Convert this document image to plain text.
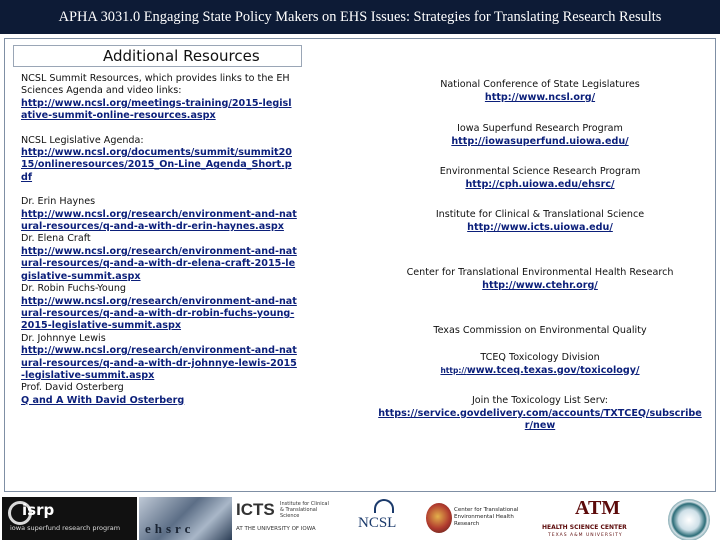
APHA 3031.0 Engaging State Policy Makers on EHS Issues: Strategies for Translating Research Results
Additional Resources

NCSL Summit Resources, which provides links to the EH Sciences Agenda and video links:

http://www.ncsl.org/meetings-training/2015-legislative-summit-online-resources.aspx

NCSL Legislative Agenda:

http://www.ncsl.org/documents/summit/summit2015/onlineresources/2015_On-Line_Agenda_Short.pdf

Dr. Erin Haynes

http://www.ncsl.org/research/environment-and-natural-resources/q-and-a-with-dr-erin-haynes.aspx

Dr. Elena Craft

http://www.ncsl.org/research/environment-and-natural-resources/q-and-a-with-dr-elena-craft-2015-legislative-summit.aspx

Dr. Robin Fuchs-Young

http://www.ncsl.org/research/environment-and-natural-resources/q-and-a-with-dr-robin-fuchs-young-2015-legislative-summit.aspx

Dr. Johnnye Lewis

http://www.ncsl.org/research/environment-and-natural-resources/q-and-a-with-dr-johnnye-lewis-2015-legislative-summit.aspx

Prof. David Osterberg

Q and A With David Osterberg

National Conference of State Legislatures
http://www.ncsl.org/
Iowa Superfund Research Program
http://iowasuperfund.uiowa.edu/
Environmental Science Research Program
http://cph.uiowa.edu/ehsrc/
Institute for Clinical & Translational Science
http://www.icts.uiowa.edu/
Center for Translational Environmental Health Research
http://www.ctehr.org/
Texas Commission on Environmental Quality
TCEQ Toxicology Division
http://www.tceq.texas.gov/toxicology/
Join the Toxicology List Serv:
https://service.govdelivery.com/accounts/TXTCEQ/subscriber/new
isrp
iowa superfund research program ehsrc
ICTS Institute for Clinical & Translational Science
AT THE UNIVERSITY OF IOWA	NCSL
Center for Translational Environmental Health Research
ATM
HEALTH SCIENCE CENTER
TEXAS A&M UNIVERSITY
